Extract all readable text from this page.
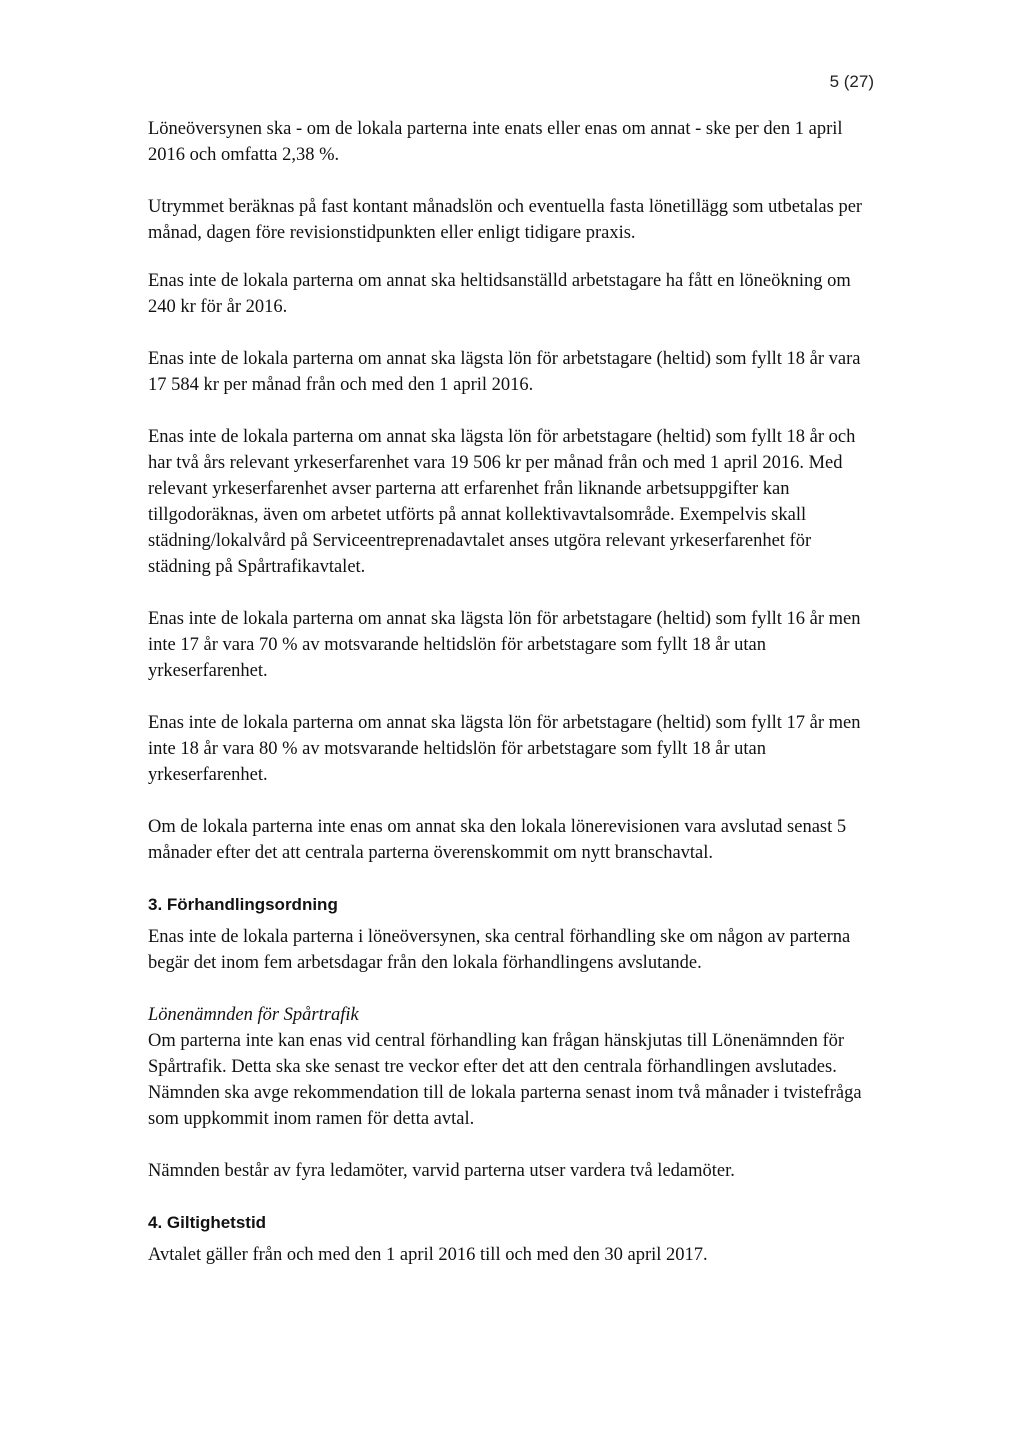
5 (27)

Löneöversynen ska - om de lokala parterna inte enats eller enas om annat - ske per den 1 april 2016 och omfatta 2,38 %.

Utrymmet beräknas på fast kontant månadslön och eventuella fasta lönetillägg som utbetalas per månad, dagen före revisionstidpunkten eller enligt tidigare praxis.

Enas inte de lokala parterna om annat ska heltidsanställd arbetstagare ha fått en löneökning om 240 kr för år 2016.

Enas inte de lokala parterna om annat ska lägsta lön för arbetstagare (heltid) som fyllt 18 år vara 17 584 kr per månad från och med den 1 april 2016.

Enas inte de lokala parterna om annat ska lägsta lön för arbetstagare (heltid) som fyllt 18 år och har två års relevant yrkeserfarenhet vara 19 506 kr per månad från och med 1 april 2016. Med relevant yrkeserfarenhet avser parterna att erfarenhet från liknande arbetsuppgifter kan tillgodoräknas, även om arbetet utförts på annat kollektivavtalsområde. Exempelvis skall städning/lokalvård på Serviceentreprenadavtalet anses utgöra relevant yrkeserfarenhet för städning på Spårtrafikavtalet.

Enas inte de lokala parterna om annat ska lägsta lön för arbetstagare (heltid) som fyllt 16 år men inte 17 år vara 70 % av motsvarande heltidslön för arbetstagare som fyllt 18 år utan yrkeserfarenhet.

Enas inte de lokala parterna om annat ska lägsta lön för arbetstagare (heltid) som fyllt 17 år men inte 18 år vara 80 % av motsvarande heltidslön för arbetstagare som fyllt 18 år utan yrkeserfarenhet.

Om de lokala parterna inte enas om annat ska den lokala lönerevisionen vara avslutad senast 5 månader efter det att centrala parterna överenskommit om nytt branschavtal.

3. Förhandlingsordning

Enas inte de lokala parterna i löneöversynen, ska central förhandling ske om någon av parterna begär det inom fem arbetsdagar från den lokala förhandlingens avslutande.

Lönenämnden för Spårtrafik

Om parterna inte kan enas vid central förhandling kan frågan hänskjutas till Lönenämnden för Spårtrafik. Detta ska ske senast tre veckor efter det att den centrala förhandlingen avslutades. Nämnden ska avge rekommendation till de lokala parterna senast inom två månader i tvistefråga som uppkommit inom ramen för detta avtal.

Nämnden består av fyra ledamöter, varvid parterna utser vardera två ledamöter.

4. Giltighetstid

Avtalet gäller från och med den 1 april 2016 till och med den 30 april 2017.
